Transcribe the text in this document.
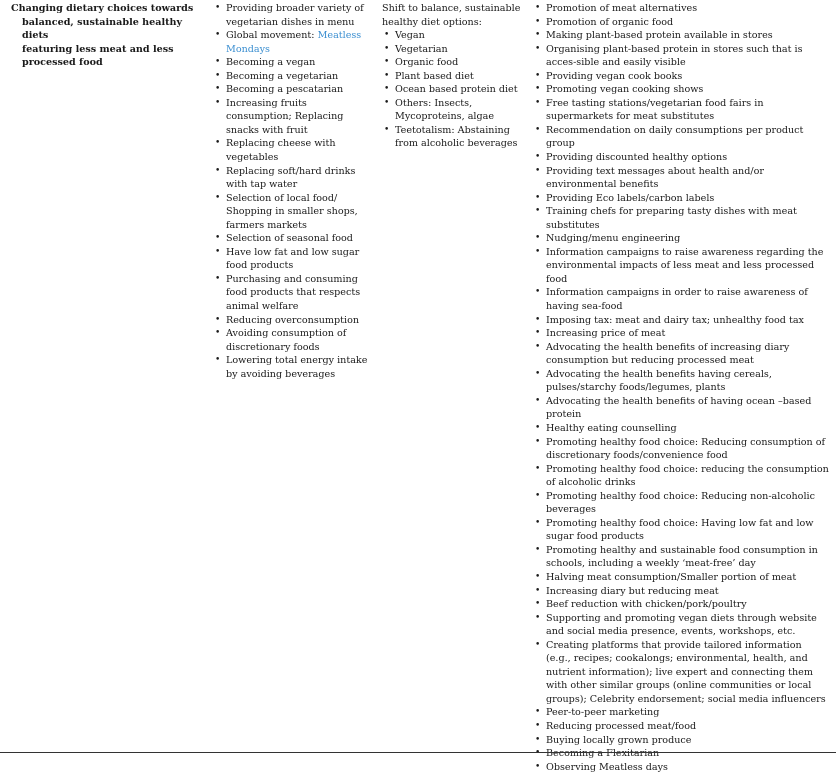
Changing dietary choices towards
balanced, sustainable healthy diets
featuring less meat and less
processed food
• Providing broader variety of vegetarian dishes in menu
• Global movement: Meatless Mondays
• Becoming a vegan
• Becoming a vegetarian
• Becoming a pescatarian
• Increasing fruits consumption; Replacing snacks with fruit
• Replacing cheese with vegetables
• Replacing soft/hard drinks with tap water
• Selection of local food/ Shopping in smaller shops, farmers markets
• Selection of seasonal food
• Have low fat and low sugar food products
• Purchasing and consuming food products that respects animal welfare
• Reducing overconsumption
• Avoiding consumption of discretionary foods
• Lowering total energy intake by avoiding beverages
Shift to balance, sustainable
healthy diet options:
• Vegan
• Vegetarian
• Organic food
• Plant based diet
• Ocean based protein diet
• Others: Insects, Mycoproteins, algae
• Teetotalism: Abstaining from alcoholic beverages
• Promotion of meat alternatives
• Promotion of organic food
• Making plant-based protein available in stores
• Organising plant-based protein in stores such that is acces-sible and easily visible
• Providing vegan cook books
• Promoting vegan cooking shows
• Free tasting stations/vegetarian food fairs in supermarkets for meat substitutes
• Recommendation on daily consumptions per product group
• Providing discounted healthy options
• Providing text messages about health and/or environmental benefits
• Providing Eco labels/carbon labels
• Training chefs for preparing tasty dishes with meat substitutes
• Nudging/menu engineering
• Information campaigns to raise awareness regarding the environmental impacts of less meat and less processed food
• Information campaigns in order to raise awareness of having sea-food
• Imposing tax: meat and dairy tax; unhealthy food tax
• Increasing price of meat
• Advocating the health benefits of increasing diary consumption but reducing processed meat
• Advocating the health benefits having cereals, pulses/starchy foods/legumes, plants
• Advocating the health benefits of having ocean –based protein
• Healthy eating counselling
• Promoting healthy food choice: Reducing consumption of discretionary foods/convenience food
• Promoting healthy food choice: reducing the consumption of alcoholic drinks
• Promoting healthy food choice: Reducing non-alcoholic beverages
• Promoting healthy food choice: Having low fat and low sugar food products
• Promoting healthy and sustainable food consumption in schools, including a weekly ‘meat-free’ day
• Halving meat consumption/Smaller portion of meat
• Increasing diary but reducing meat
• Beef reduction with chicken/pork/poultry
• Supporting and promoting vegan diets through website and social media presence, events, workshops, etc.
• Creating platforms that provide tailored information (e.g., recipes; cookalongs; environmental, health, and nutrient information); live expert and connecting them with other similar groups (online communities or local groups); Celebrity endorsement; social media influencers
• Peer-to-peer marketing
• Reducing processed meat/food
• Buying locally grown produce
• Becoming a Flexitarian
• Observing Meatless days
